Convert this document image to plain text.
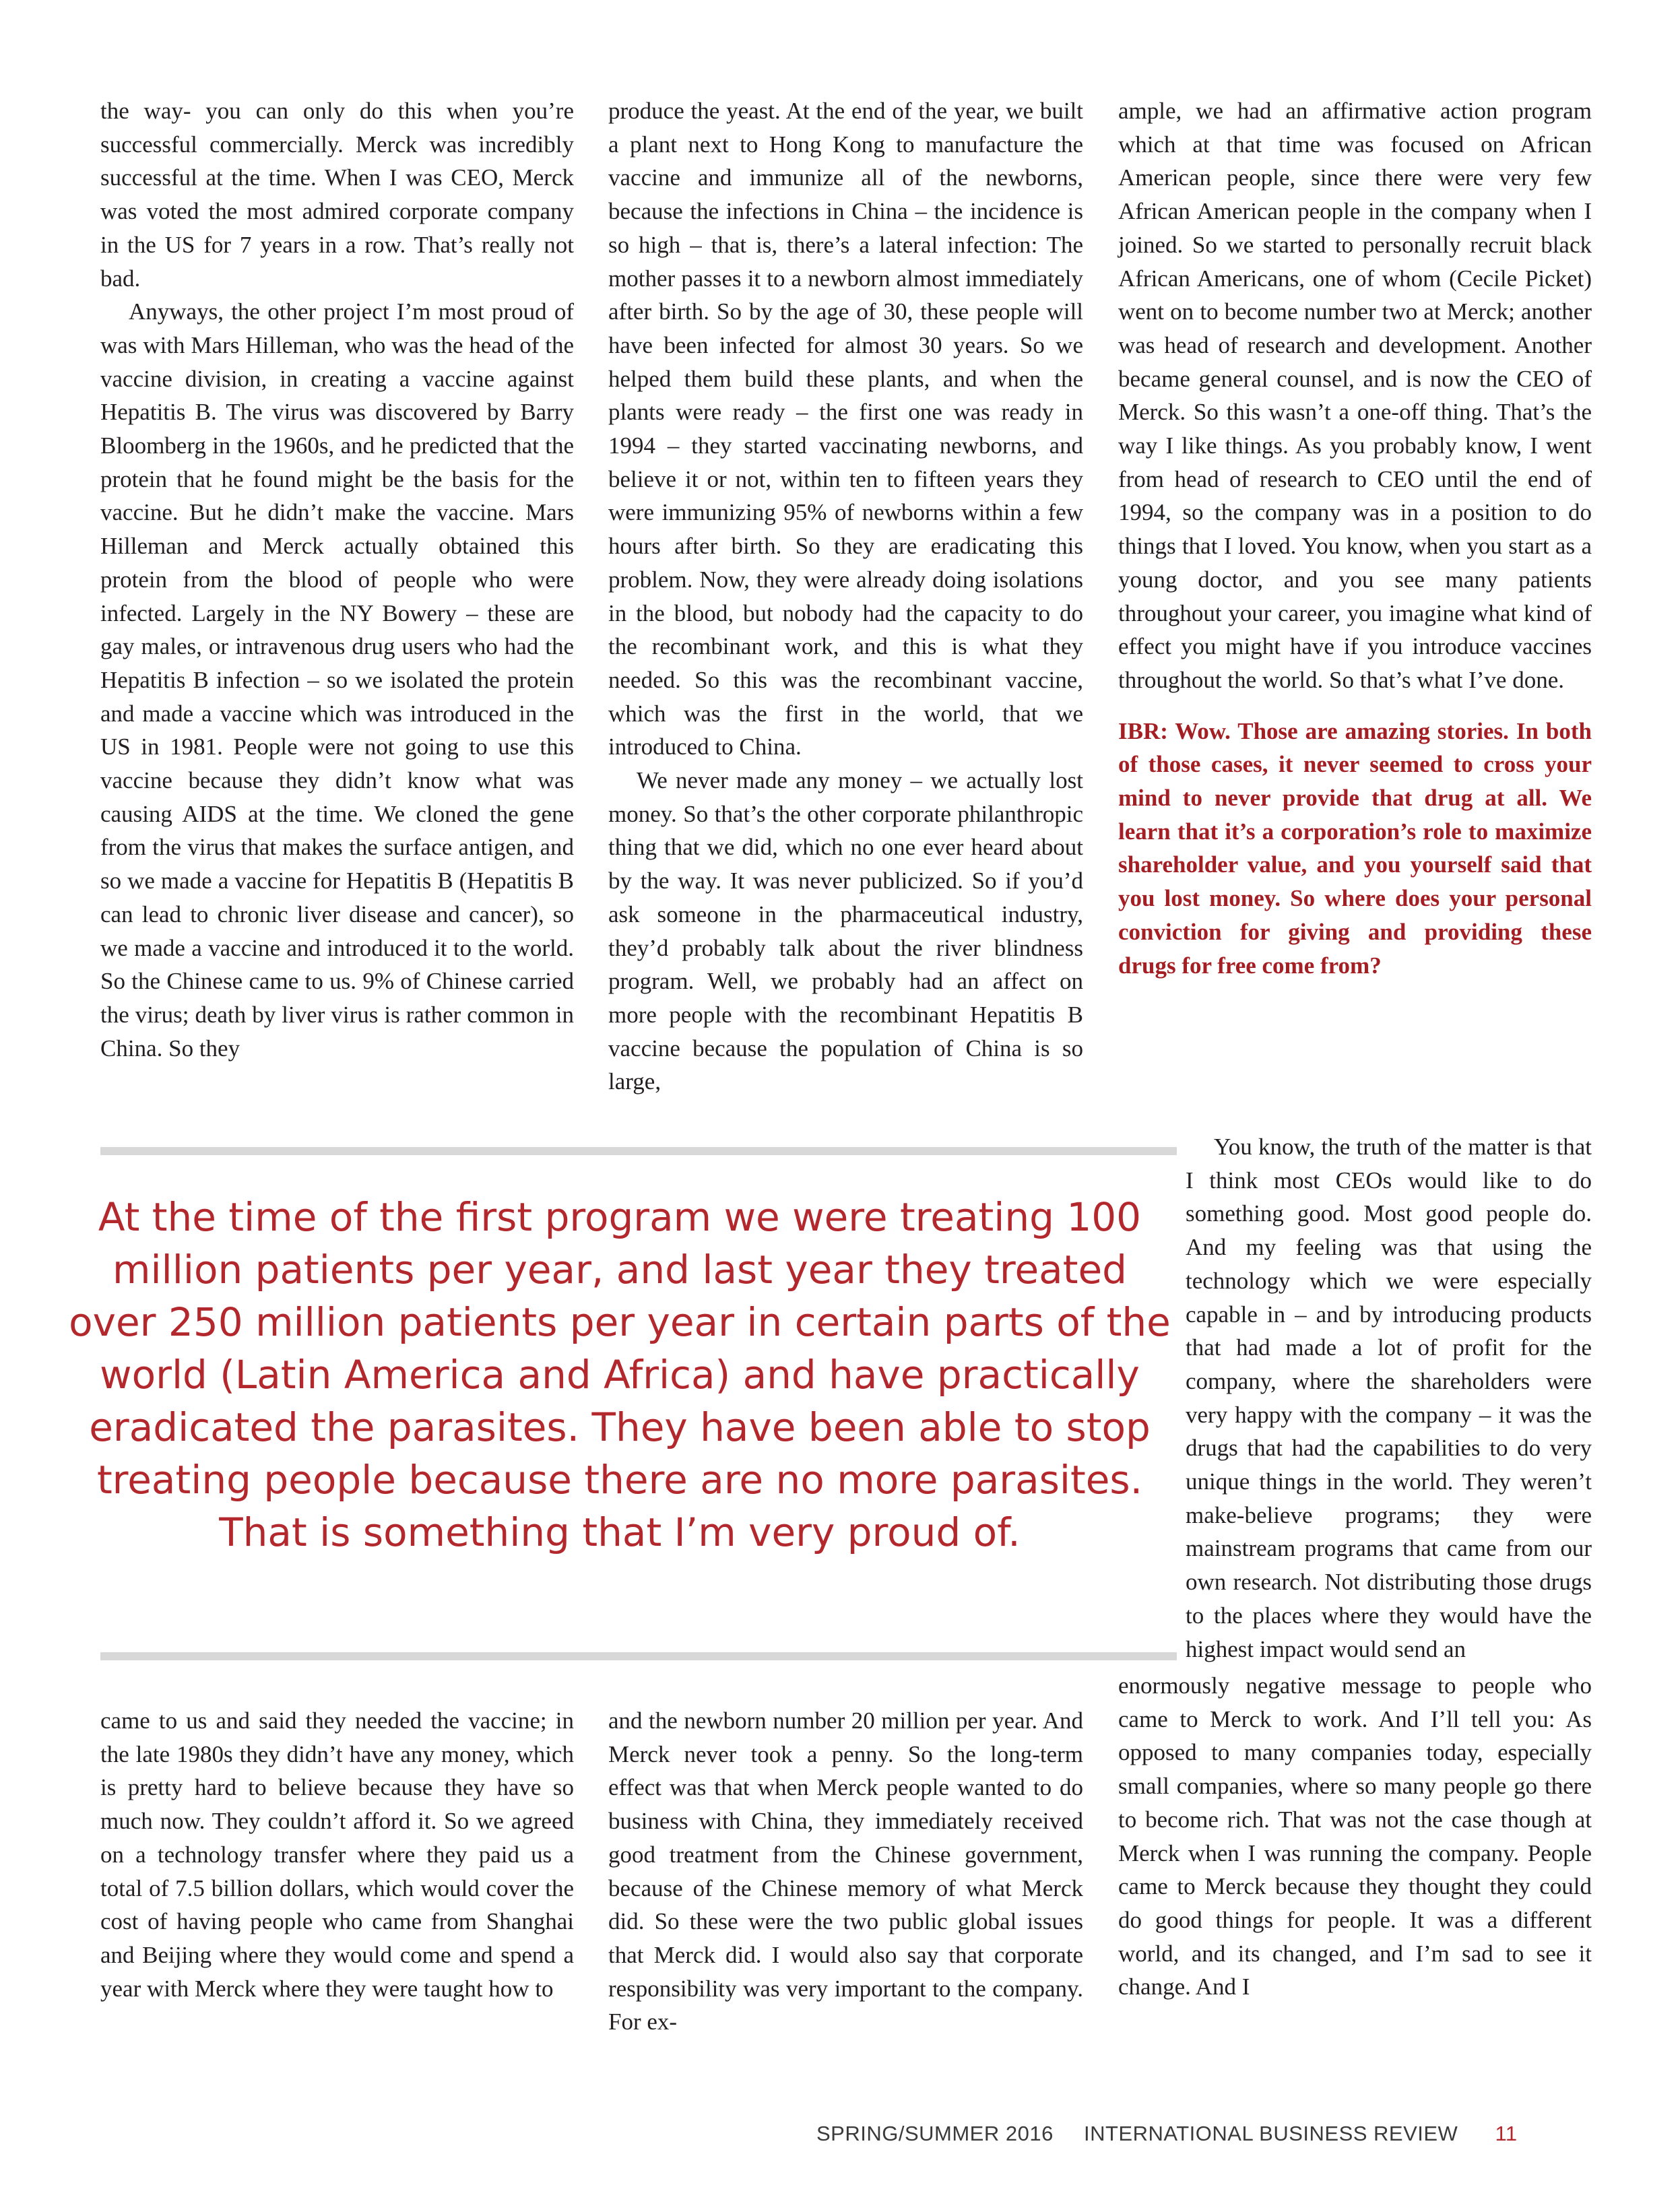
the way- you can only do this when you’re successful commercially. Merck was incredibly successful at the time. When I was CEO, Merck was voted the most admired corporate company in the US for 7 years in a row. That’s really not bad.

Anyways, the other project I’m most proud of was with Mars Hilleman, who was the head of the vaccine division, in creating a vaccine against Hepatitis B. The virus was discovered by Barry Bloomberg in the 1960s, and he predicted that the protein that he found might be the basis for the vaccine. But he didn’t make the vaccine. Mars Hilleman and Merck actually obtained this protein from the blood of people who were infected. Largely in the NY Bowery – these are gay males, or intravenous drug users who had the Hepatitis B infection – so we isolated the protein and made a vaccine which was introduced in the US in 1981. People were not going to use this vaccine because they didn’t know what was causing AIDS at the time. We cloned the gene from the virus that makes the surface antigen, and so we made a vaccine for Hepatitis B (Hepatitis B can lead to chronic liver disease and cancer), so we made a vaccine and introduced it to the world. So the Chinese came to us. 9% of Chinese carried the virus; death by liver virus is rather common in China. So they

produce the yeast. At the end of the year, we built a plant next to Hong Kong to manufacture the vaccine and immunize all of the newborns, because the infections in China – the incidence is so high – that is, there’s a lateral infection: The mother passes it to a newborn almost immediately after birth. So by the age of 30, these people will have been infected for almost 30 years. So we helped them build these plants, and when the plants were ready – the first one was ready in 1994 – they started vaccinating newborns, and believe it or not, within ten to fifteen years they were immunizing 95% of newborns within a few hours after birth. So they are eradicating this problem. Now, they were already doing isolations in the blood, but nobody had the capacity to do the recombinant work, and this is what they needed. So this was the recombinant vaccine, which was the first in the world, that we introduced to China.

We never made any money – we actually lost money. So that’s the other corporate philanthropic thing that we did, which no one ever heard about by the way. It was never publicized. So if you’d ask someone in the pharmaceutical industry, they’d probably talk about the river blindness program. Well, we probably had an affect on more people with the recombinant Hepatitis B vaccine because the population of China is so large,

ample, we had an affirmative action program which at that time was focused on African American people, since there were very few African American people in the company when I joined. So we started to personally recruit black African Americans, one of whom (Cecile Picket) went on to become number two at Merck; another was head of research and development. Another became general counsel, and is now the CEO of Merck. So this wasn’t a one-off thing. That’s the way I like things. As you probably know, I went from head of research to CEO until the end of 1994, so the company was in a position to do things that I loved. You know, when you start as a young doctor, and you see many patients throughout your career, you imagine what kind of effect you might have if you introduce vaccines throughout the world. So that’s what I’ve done.

IBR: Wow. Those are amazing stories. In both of those cases, it never seemed to cross your mind to never provide that drug at all. We learn that it’s a corporation’s role to maximize shareholder value, and you yourself said that you lost money. So where does your personal conviction for giving and providing these drugs for free come from?

At the time of the first program we were treating 100 million patients per year, and last year they treated over 250 million patients per year in certain parts of the world (Latin America and Africa) and have practically eradicated the parasites. They have been able to stop treating people because there are no more parasites. That is something that I’m very proud of.

You know, the truth of the matter is that I think most CEOs would like to do something good. Most good people do. And my feeling was that using the technology which we were especially capable in – and by introducing products that had made a lot of profit for the company, where the shareholders were very happy with the company – it was the drugs that had the capabilities to do very unique things in the world. They weren’t make-believe programs; they were mainstream programs that came from our own research. Not distributing those drugs to the places where they would have the highest impact would send an

came to us and said they needed the vaccine; in the late 1980s they didn’t have any money, which is pretty hard to believe because they have so much now. They couldn’t afford it. So we agreed on a technology transfer where they paid us a total of 7.5 billion dollars, which would cover the cost of having people who came from Shanghai and Beijing where they would come and spend a year with Merck where they were taught how to

and the newborn number 20 million per year. And Merck never took a penny. So the long-term effect was that when Merck people wanted to do business with China, they immediately received good treatment from the Chinese government, because of the Chinese memory of what Merck did. So these were the two public global issues that Merck did. I would also say that corporate responsibility was very important to the company. For ex-

enormously negative message to people who came to Merck to work. And I’ll tell you: As opposed to many companies today, especially small companies, where so many people go there to become rich. That was not the case though at Merck when I was running the company. People came to Merck because they thought they could do good things for people. It was a different world, and its changed, and I’m sad to see it change. And I

SPRING/SUMMER 2016 INTERNATIONAL BUSINESS REVIEW 11
